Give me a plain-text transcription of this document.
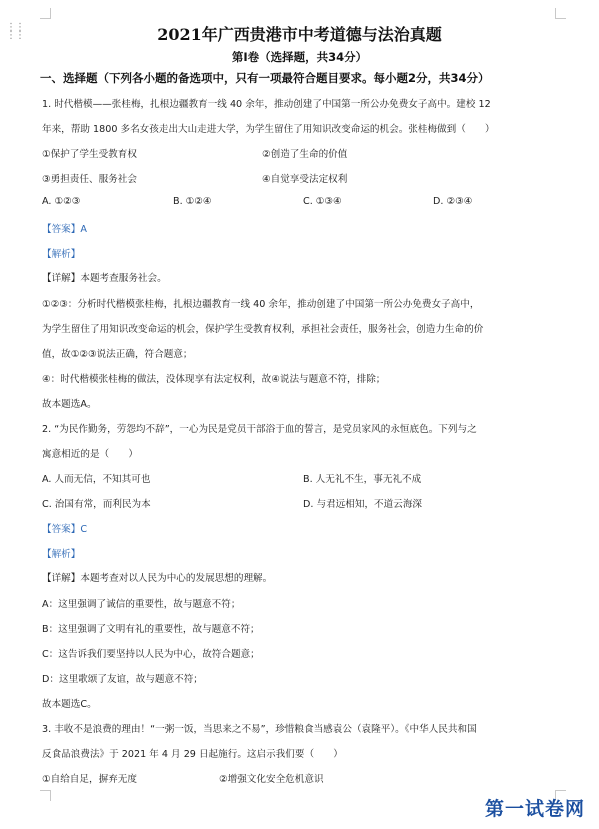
⋮⋮
⋮⋮	2021年广西贵港市中考道德与法治真题
第Ⅰ卷（选择题，共34分）
一、选择题（下列各小题的备选项中，只有一项最符合题目要求。每小题2分，共34分）
1. 时代楷模——张桂梅，扎根边疆教育一线 40 余年，推动创建了中国第一所公办免费女子高中。建校 12
年来，帮助 1800 多名女孩走出大山走进大学，为学生留住了用知识改变命运的机会。张桂梅做到（　　）
①保护了学生受教育权	②创造了生命的价值
③勇担责任、服务社会	④自觉享受法定权利
A. ①②③	B. ①②④	C. ①③④	D. ②③④
【答案】A
【解析】
【详解】本题考查服务社会。
①②③：分析时代楷模张桂梅，扎根边疆教育一线 40 余年，推动创建了中国第一所公办免费女子高中，
为学生留住了用知识改变命运的机会，保护学生受教育权利，承担社会责任，服务社会，创造力生命的价
值，故①②③说法正确，符合题意；
④：时代楷模张桂梅的做法，没体现享有法定权利，故④说法与题意不符，排除；
故本题选A。
2. “为民作勤务，劳怨均不辞”，一心为民是党员干部浴于血的誓言，是党员家风的永恒底色。下列与之
寓意相近的是（　　）
A. 人而无信，不知其可也	B. 人无礼不生，事无礼不成
C. 治国有常，而利民为本	D. 与君远相知，不道云海深
【答案】C
【解析】
【详解】本题考查对以人民为中心的发展思想的理解。
A：这里强调了诚信的重要性，故与题意不符；
B：这里强调了文明有礼的重要性，故与题意不符；
C：这告诉我们要坚持以人民为中心，故符合题意；
D：这里歌颂了友谊，故与题意不符；
故本题选C。
3. 丰收不是浪费的理由！“一粥一饭，当思来之不易”，珍惜粮食当感袁公（袁隆平）。《中华人民共和国
反食品浪费法》于 2021 年 4 月 29 日起施行。这启示我们要（　　）
①自给自足，摒弃无度	②增强文化安全危机意识
第一试卷网
